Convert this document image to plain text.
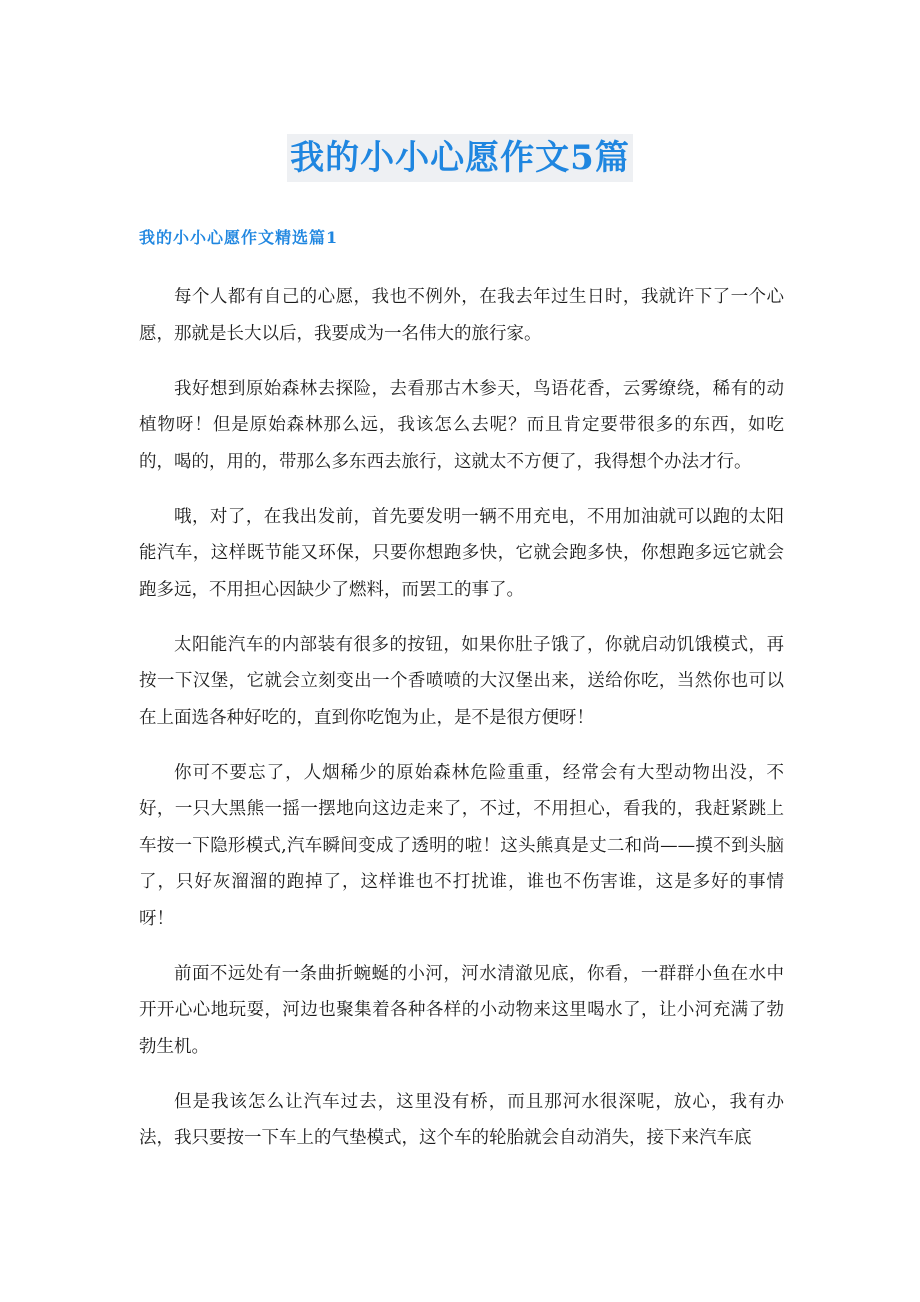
我的小小心愿作文5篇
我的小小心愿作文精选篇1

每个人都有自己的心愿，我也不例外，在我去年过生日时，我就许下了一个心愿，那就是长大以后，我要成为一名伟大的旅行家。

我好想到原始森林去探险，去看那古木参天，鸟语花香，云雾缭绕，稀有的动植物呀！但是原始森林那么远，我该怎么去呢？而且肯定要带很多的东西，如吃的，喝的，用的，带那么多东西去旅行，这就太不方便了，我得想个办法才行。

哦，对了，在我出发前，首先要发明一辆不用充电，不用加油就可以跑的太阳能汽车，这样既节能又环保，只要你想跑多快，它就会跑多快，你想跑多远它就会跑多远，不用担心因缺少了燃料，而罢工的事了。

太阳能汽车的内部装有很多的按钮，如果你肚子饿了，你就启动饥饿模式，再按一下汉堡，它就会立刻变出一个香喷喷的大汉堡出来，送给你吃，当然你也可以在上面选各种好吃的，直到你吃饱为止，是不是很方便呀！

你可不要忘了，人烟稀少的原始森林危险重重，经常会有大型动物出没，不好，一只大黑熊一摇一摆地向这边走来了，不过，不用担心，看我的，我赶紧跳上车按一下隐形模式,汽车瞬间变成了透明的啦！这头熊真是丈二和尚——摸不到头脑了，只好灰溜溜的跑掉了，这样谁也不打扰谁，谁也不伤害谁，这是多好的事情呀！

前面不远处有一条曲折蜿蜒的小河，河水清澈见底，你看，一群群小鱼在水中开开心心地玩耍，河边也聚集着各种各样的小动物来这里喝水了，让小河充满了勃勃生机。

但是我该怎么让汽车过去，这里没有桥，而且那河水很深呢，放心，我有办法，我只要按一下车上的气垫模式，这个车的轮胎就会自动消失，接下来汽车底
